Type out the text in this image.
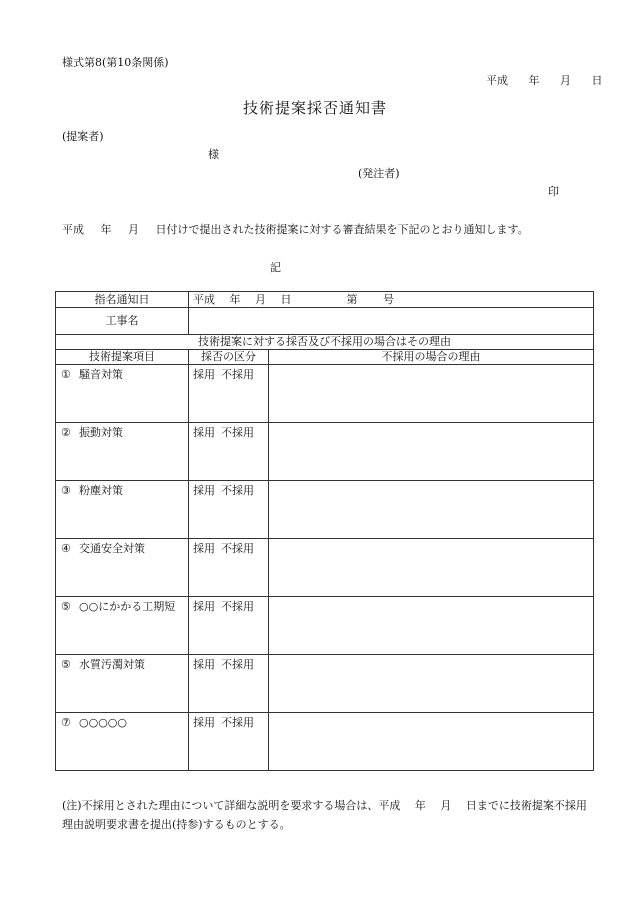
様式第8(第10条関係)
平成　 年 　月 　日
技術提案採否通知書
(提案者)
様
(発注者)
印
平成 　年 　月 　日付けで提出された技術提案に対する審査結果を下記のとおり通知します。
記
指名通知日	平成 　年 　月 　日　　　　　第 　　号	
工事名		
技術提案に対する採否及び不採用の場合はその理由		
技術提案項目	採否の区分	不採用の場合の理由
① 騒音対策	採用 不採用	
② 振動対策	採用 不採用	
③ 粉塵対策	採用 不採用	
④ 交通安全対策	採用 不採用	
⑤ ○○にかかる工期短	採用 不採用	
⑤ 水質汚濁対策	採用 不採用	
⑦ ○○○○○	採用 不採用	
(注)不採用とされた理由について詳細な説明を要求する場合は、平成　 年 　月 　日までに技術提案不採用理由説明要求書を提出(持参)するものとする。
